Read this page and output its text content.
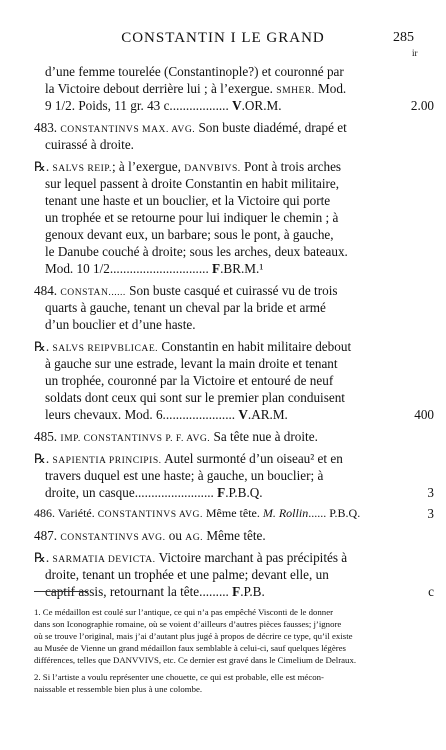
CONSTANTIN I LE GRAND	285
ir
d’une femme tourelée (Constantinople?) et couronné par
la Victoire debout derrière lui ; à l’exergue. SMHER. Mod.
9 1/2. Poids, 11 gr. 43 c.................. V.OR.M.
483. CONSTANTINVS MAX. AVG. Son buste diadémé, drapé et
cuirassé à droite.
℞. SALVS REIP.; à l’exergue, DANVBIVS. Pont à trois arches
sur lequel passent à droite Constantin en habit militaire,
tenant une haste et un bouclier, et la Victoire qui porte
un trophée et se retourne pour lui indiquer le chemin ; à
genoux devant eux, un barbare; sous le pont, à gauche,
le Danube couché à droite; sous les arches, deux bateaux.
Mod. 10 1/2.............................. F.BR.M.¹
484. CONSTAN...... Son buste casqué et cuirassé vu de trois
quarts à gauche, tenant un cheval par la bride et armé
d’un bouclier et d’une haste.
℞. SALVS REIPVBLICAE. Constantin en habit militaire debout
à gauche sur une estrade, levant la main droite et tenant
un trophée, couronné par la Victoire et entouré de neuf
soldats dont ceux qui sont sur le premier plan conduisent
leurs chevaux. Mod. 6...................... V.AR.M.
485. IMP. CONSTANTINVS P. F. AVG. Sa tête nue à droite.
℞. SAPIENTIA PRINCIPIS. Autel surmonté d’un oiseau² et en
travers duquel est une haste; à gauche, un bouclier; à
droite, un casque........................ F.P.B.Q.
486. Variété. CONSTANTINVS AVG. Même tête. M. Rollin...... P.B.Q.
487. CONSTANTINVS AVG. ou AG. Même tête.
℞. SARMATIA DEVICTA. Victoire marchant à pas précipités à
droite, tenant un trophée et une palme; devant elle, un
captif assis, retournant la tête......... F.P.B.
2.00
400
3
3
c
1. Ce médaillon est coulé sur l’antique, ce qui n’a pas empêché Visconti de le donner
dans son Iconographie romaine, où se voient d’ailleurs d’autres pièces fausses; j’ignore
où se trouve l’original, mais j’ai d’autant plus jugé à propos de décrire ce type, qu’il existe
au Musée de Vienne un grand médaillon faux semblable à celui-ci, sauf quelques légères
différences, telles que DANVVIVS, etc. Ce dernier est gravé dans le Cimelium de Delraux.
2. Si l’artiste a voulu représenter une chouette, ce qui est probable, elle est mécon-
naissable et ressemble bien plus à une colombe.
